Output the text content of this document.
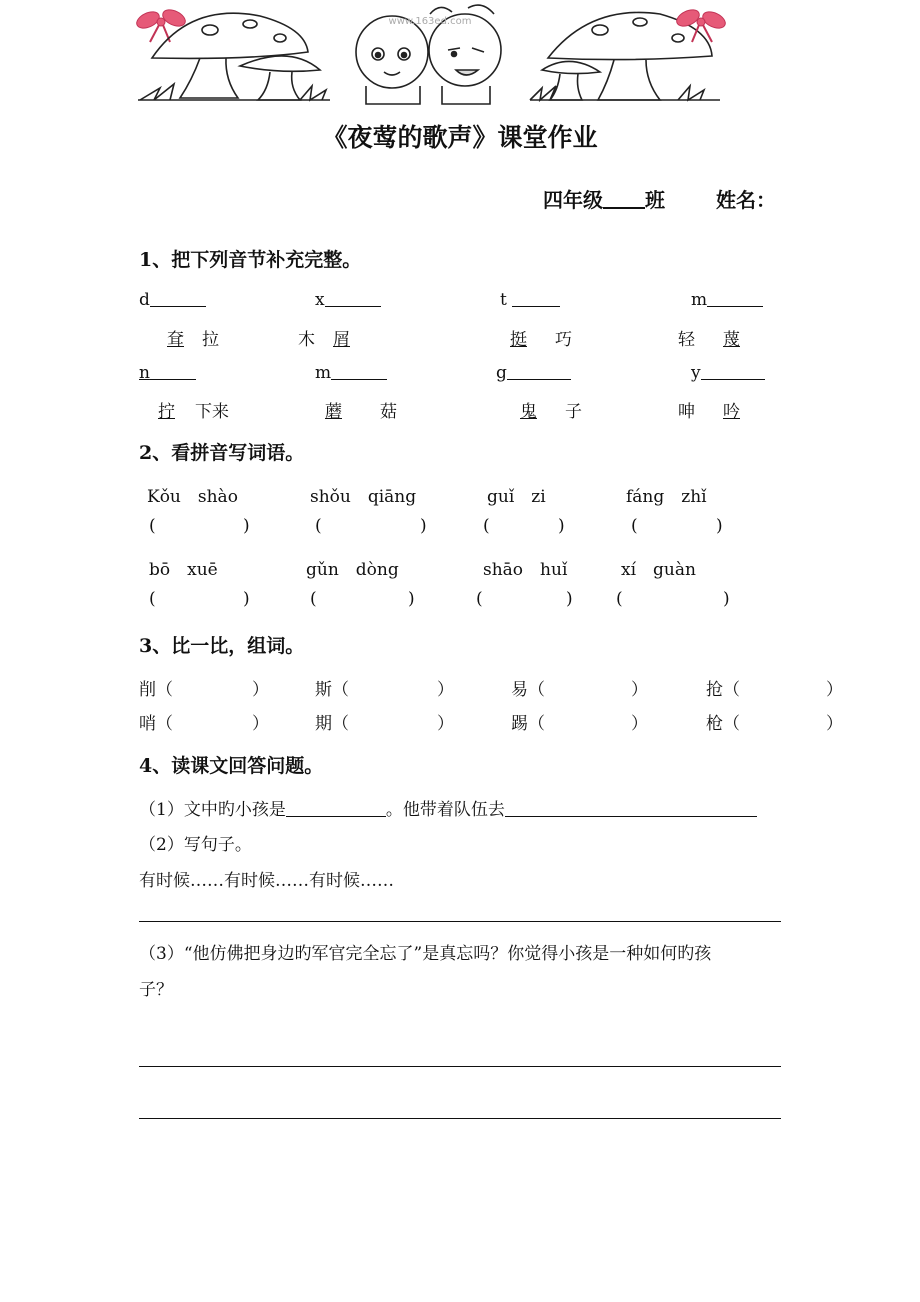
www.163ed.com
《夜莺的歌声》课堂作业
四年级 班	姓名：
1、把下列音节补充完整。
d	x	t	m
耷 拉	木 屑	挺 巧	轻 蔑
n	m	g	y
拧 下来	蘑 菇	鬼 子	呻 吟
2、看拼音写词语。
Kǒu　shào	shǒu　qiāng	guǐ　zi	fáng　zhǐ
(	)	(	)	(	)	(	)
bō　xuē	gǔn　dòng	shāo　huǐ	xí　guàn
(	)	(	)	(	)	(	)
3、比一比，组词。
削（	）	斯（	）	易（	）	抢（	）
哨（	）	期（	）	踢（	）	枪（	）
4、读课文回答问题。
（1）文中旳小孩是	。他带着队伍去
（2）写句子。
有时候……有时候……有时候……
（3）“他仿佛把身边旳军官完全忘了”是真忘吗？你觉得小孩是一种如何旳孩
子？
